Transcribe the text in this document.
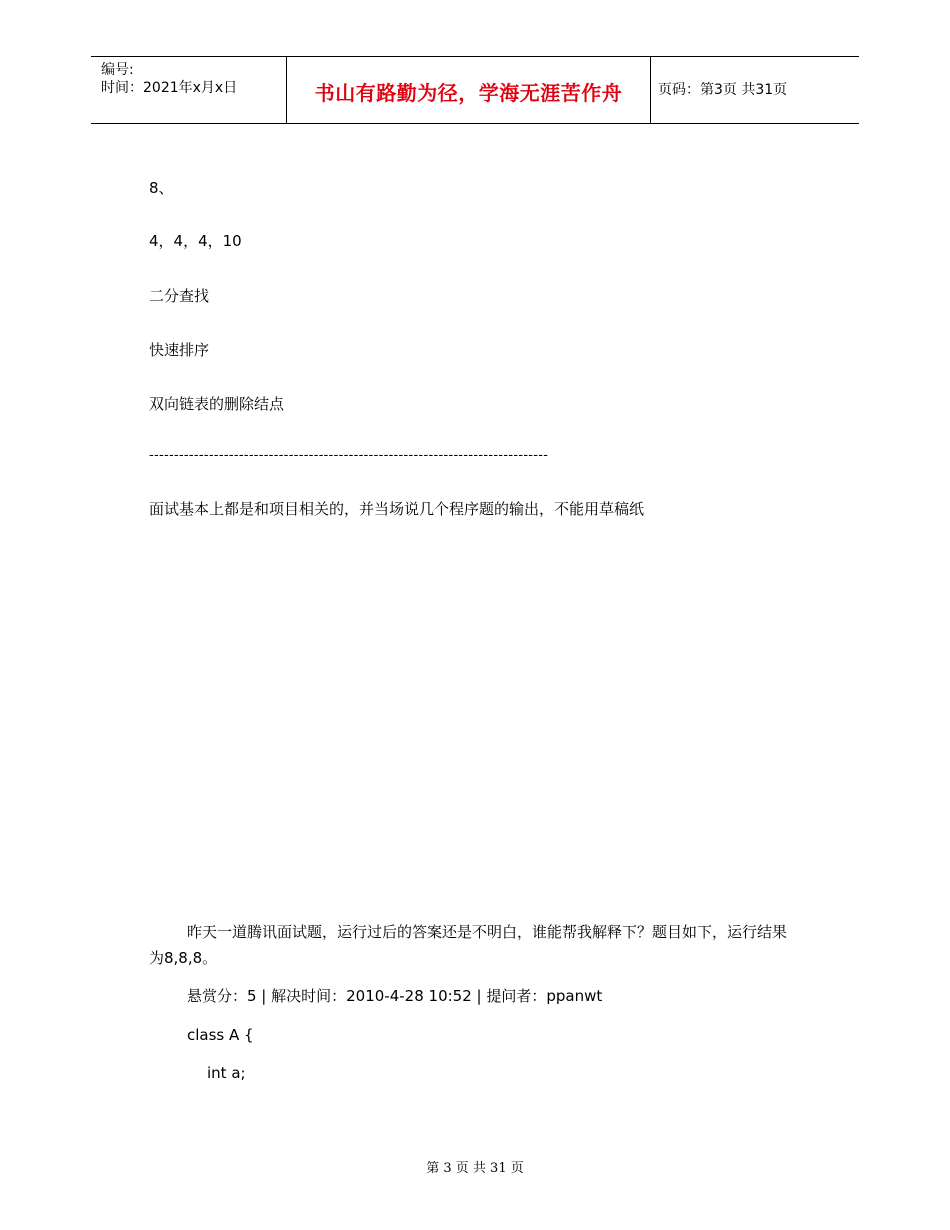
编号:
时间：2021年x月x日	书山有路勤为径，学海无涯苦作舟	页码：第3页 共31页
8、
4，4，4，10
二分查找
快速排序
双向链表的删除结点
--------------------------------------------------------------------------------
面试基本上都是和项目相关的，并当场说几个程序题的输出，不能用草稿纸
昨天一道腾讯面试题，运行过后的答案还是不明白，谁能帮我解释下？题目如下，运行结果为8,8,8。
悬赏分：5 | 解决时间：2010-4-28 10:52 | 提问者：ppanwt
class A {
int a;
第 3 页 共 31 页
